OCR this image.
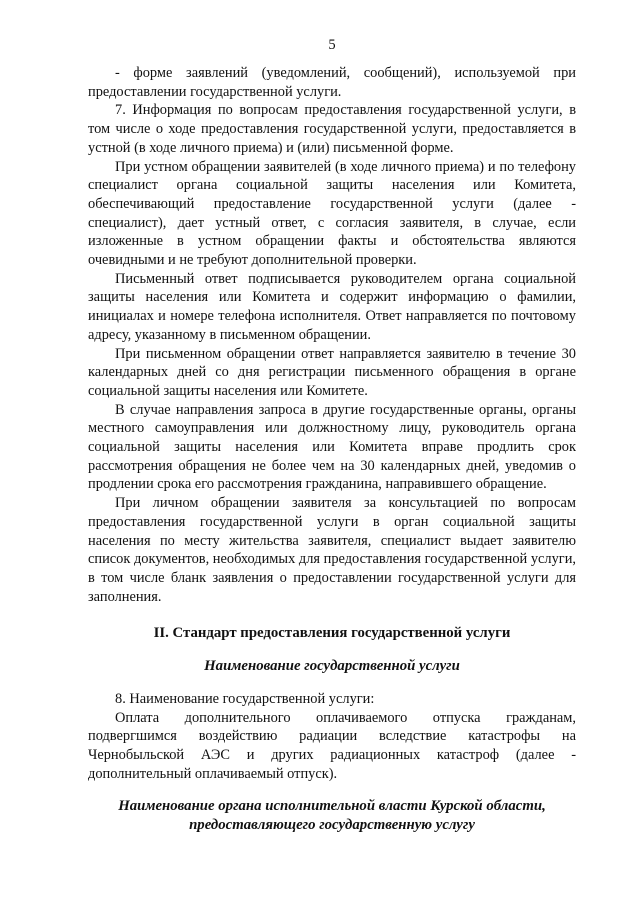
5

- форме заявлений (уведомлений, сообщений), используемой при предоставлении государственной услуги.

7. Информация по вопросам предоставления государственной услуги, в том числе о ходе предоставления государственной услуги, предоставляется в устной (в ходе личного приема) и (или) письменной форме.

При устном обращении заявителей (в ходе личного приема) и по телефону специалист органа социальной защиты населения или Комитета, обеспечивающий предоставление государственной услуги (далее - специалист), дает устный ответ, с согласия заявителя, в случае, если изложенные в устном обращении факты и обстоятельства являются очевидными и не требуют дополнительной проверки.

Письменный ответ подписывается руководителем органа социальной защиты населения или Комитета и содержит информацию о фамилии, инициалах и номере телефона исполнителя. Ответ направляется по почтовому адресу, указанному в письменном обращении.

При письменном обращении ответ направляется заявителю в течение 30 календарных дней со дня регистрации письменного обращения в органе социальной защиты населения или Комитете.

В случае направления запроса в другие государственные органы, органы местного самоуправления или должностному лицу, руководитель органа социальной защиты населения или Комитета вправе продлить срок рассмотрения обращения не более чем на 30 календарных дней, уведомив о продлении срока его рассмотрения гражданина, направившего обращение.

При личном обращении заявителя за консультацией по вопросам предоставления государственной услуги в орган социальной защиты населения по месту жительства заявителя, специалист выдает заявителю список документов, необходимых для предоставления государственной услуги, в том числе бланк заявления о предоставлении государственной услуги для заполнения.

II. Стандарт предоставления государственной услуги
Наименование государственной услуги

8. Наименование государственной услуги:

Оплата дополнительного оплачиваемого отпуска гражданам, подвергшимся воздействию радиации вследствие катастрофы на Чернобыльской АЭС и других радиационных катастроф (далее - дополнительный оплачиваемый отпуск).

Наименование органа исполнительной власти Курской области,
предоставляющего государственную услугу
